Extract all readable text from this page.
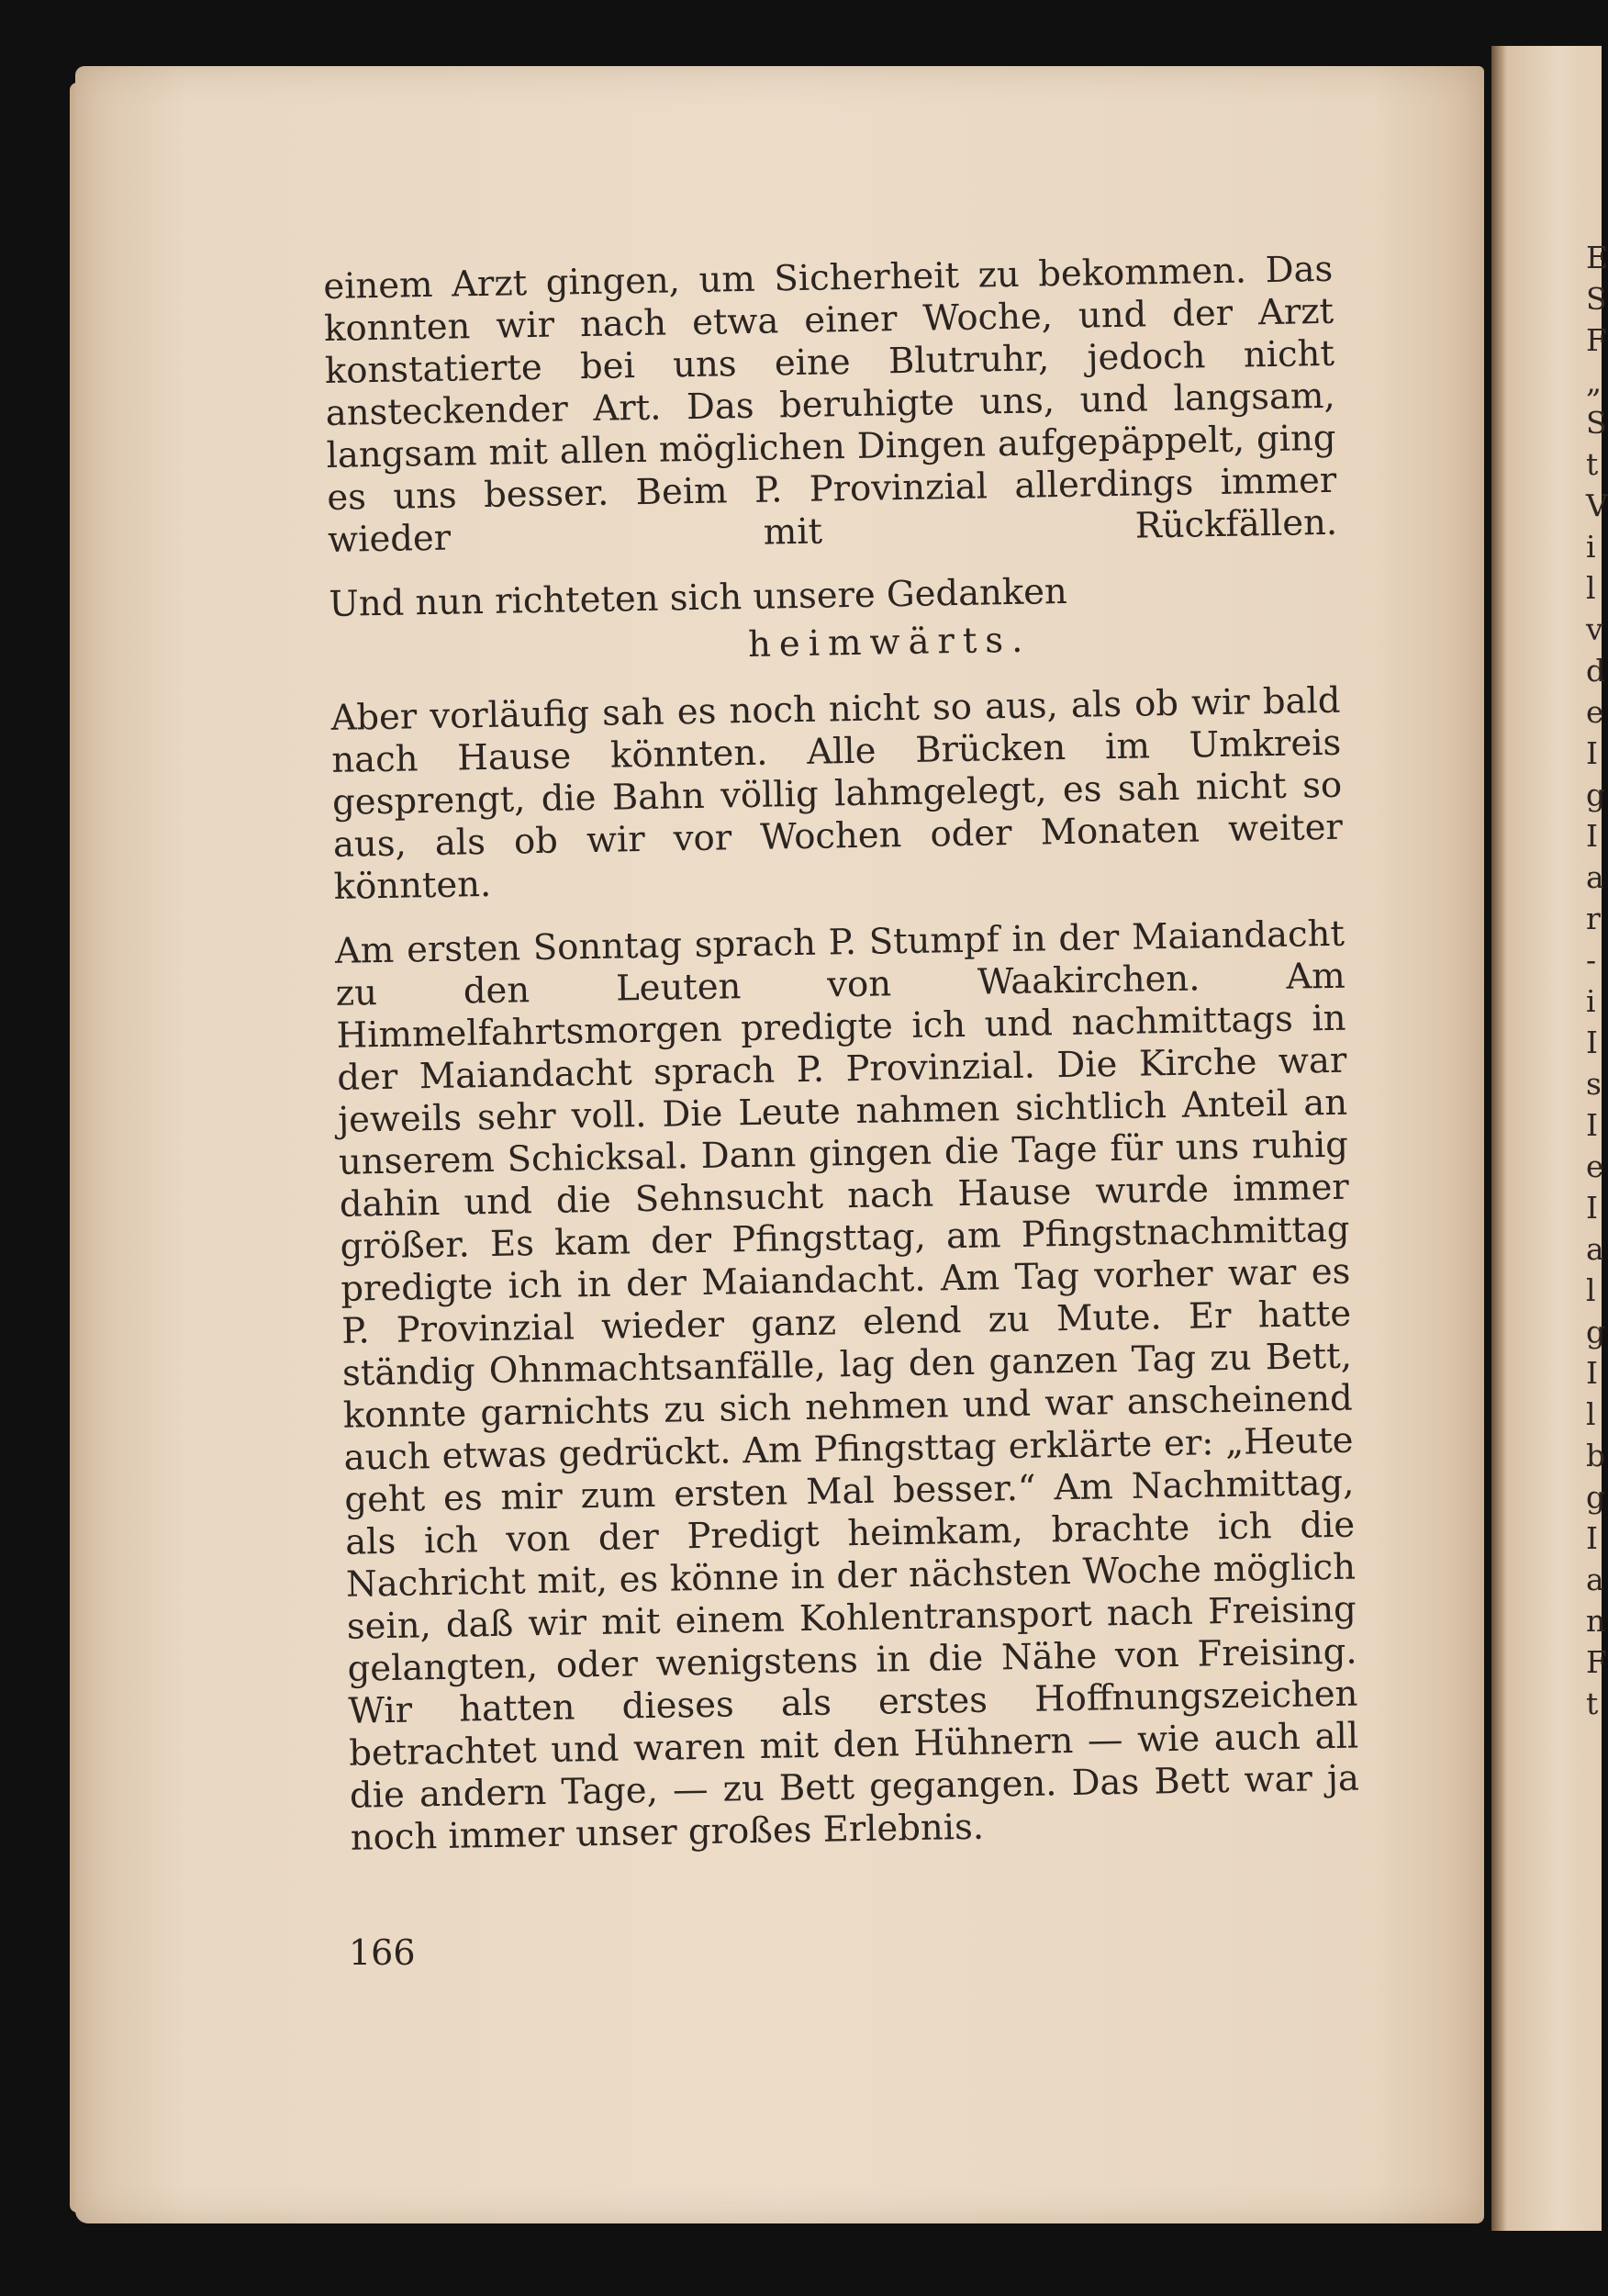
E
S
F
„
S
t
V
i
l
v
d
e
I
g
I
a
r
-
i
I
s
I
e
I
a
l
g
I
l
b
g
I
a
n
F
t

einem Arzt gingen, um Sicherheit zu bekommen. Das konnten wir nach etwa einer Woche, und der Arzt konstatierte bei uns eine Blutruhr, jedoch nicht ansteckender Art. Das beruhigte uns, und langsam, langsam mit allen möglichen Dingen aufgepäppelt, ging es uns besser. Beim P. Provinzial allerdings immer wieder mit Rückfällen.

Und nun richteten sich unsere Gedanken

heimwärts.

Aber vorläufig sah es noch nicht so aus, als ob wir bald nach Hause könnten. Alle Brücken im Umkreis gesprengt, die Bahn völlig lahmgelegt, es sah nicht so aus, als ob wir vor Wochen oder Monaten weiter könnten.

Am ersten Sonntag sprach P. Stumpf in der Maiandacht zu den Leuten von Waakirchen. Am Himmelfahrtsmorgen predigte ich und nachmittags in der Maiandacht sprach P. Provinzial. Die Kirche war jeweils sehr voll. Die Leute nahmen sichtlich Anteil an unserem Schicksal. Dann gingen die Tage für uns ruhig dahin und die Sehnsucht nach Hause wurde immer größer. Es kam der Pfingsttag, am Pfingstnachmittag predigte ich in der Maiandacht. Am Tag vorher war es P. Provinzial wieder ganz elend zu Mute. Er hatte ständig Ohnmachtsanfälle, lag den ganzen Tag zu Bett, konnte garnichts zu sich nehmen und war anscheinend auch etwas gedrückt. Am Pfingsttag erklärte er: „Heute geht es mir zum ersten Mal besser.“ Am Nachmittag, als ich von der Predigt heimkam, brachte ich die Nachricht mit, es könne in der nächsten Woche möglich sein, daß wir mit einem Kohlentransport nach Freising gelangten, oder wenigstens in die Nähe von Freising. Wir hatten dieses als erstes Hoffnungszeichen betrachtet und waren mit den Hühnern — wie auch all die andern Tage, — zu Bett gegangen. Das Bett war ja noch immer unser großes Erlebnis.

166
